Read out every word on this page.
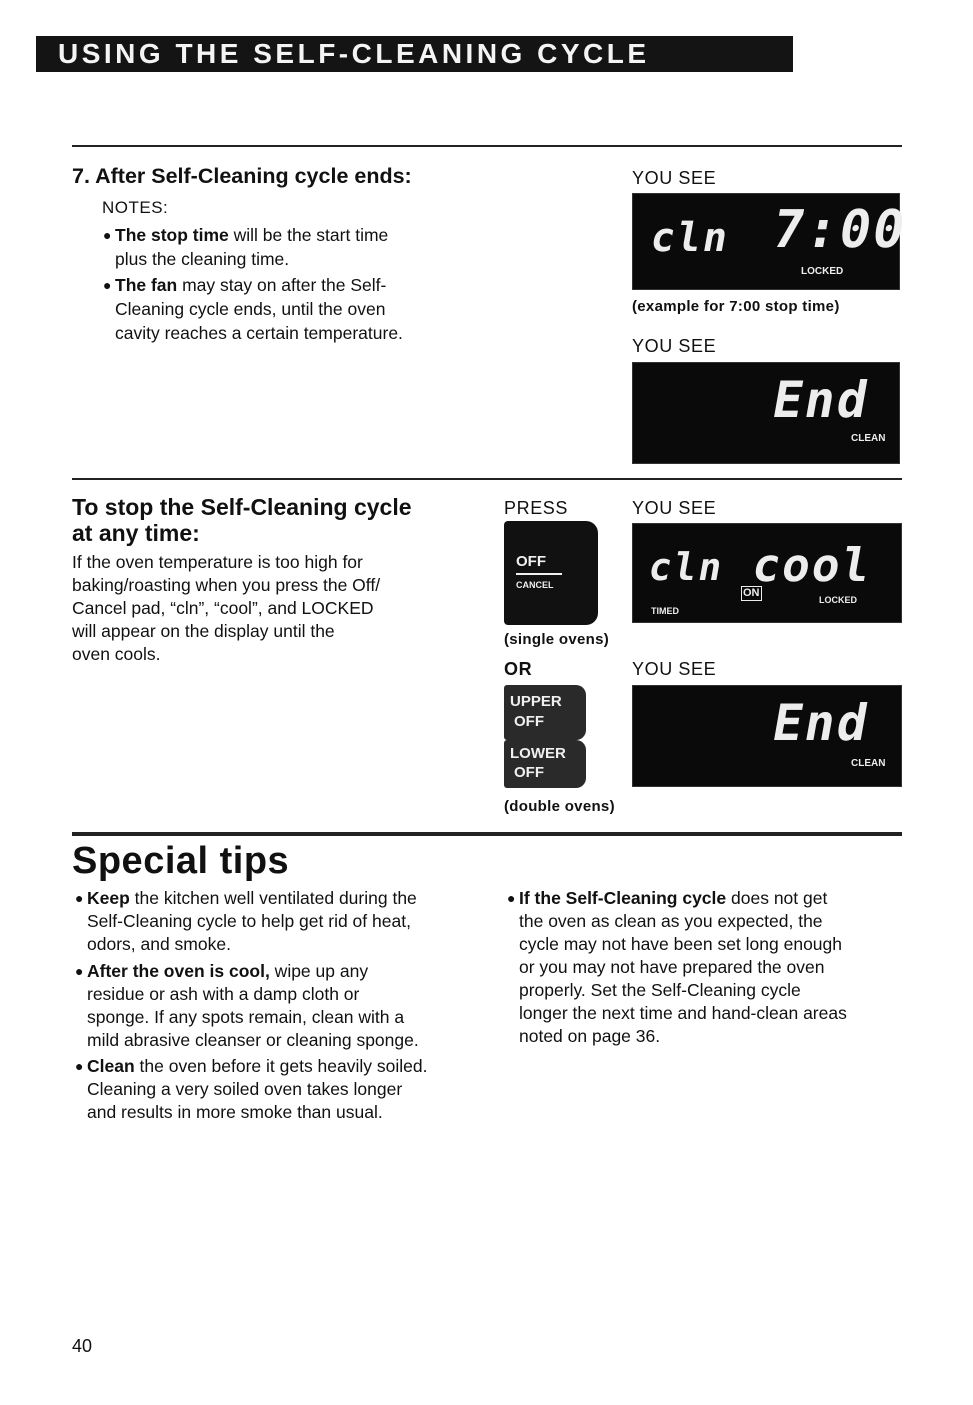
USING THE SELF-CLEANING CYCLE
7. After Self-Cleaning cycle ends:
NOTES:
● The stop time will be the start time
plus the cleaning time.
● The fan may stay on after the Self-
Cleaning cycle ends, until the oven
cavity reaches a certain temperature.
YOU SEE
cln 7:00
LOCKED
(example for 7:00 stop time)
YOU SEE
End
CLEAN
To stop the Self-Cleaning cycle
at any time:
If the oven temperature is too high for
baking/roasting when you press the Off/
Cancel pad, “cln”, “cool”, and LOCKED
will appear on the display until the
oven cools.
PRESS	YOU SEE
OFF
CANCEL cln cool
TIMED
ON
LOCKED
(single ovens)
OR	YOU SEE
UPPER
OFF
LOWER
OFF
End
CLEAN
(double ovens)
Special tips
● Keep the kitchen well ventilated during the
Self-Cleaning cycle to help get rid of heat,
odors, and smoke.
● After the oven is cool, wipe up any
residue or ash with a damp cloth or
sponge. If any spots remain, clean with a
mild abrasive cleanser or cleaning sponge.
● Clean the oven before it gets heavily soiled.
Cleaning a very soiled oven takes longer
and results in more smoke than usual.
● If the Self-Cleaning cycle does not get
the oven as clean as you expected, the
cycle may not have been set long enough
or you may not have prepared the oven
properly. Set the Self-Cleaning cycle
longer the next time and hand-clean areas
noted on page 36.
40
